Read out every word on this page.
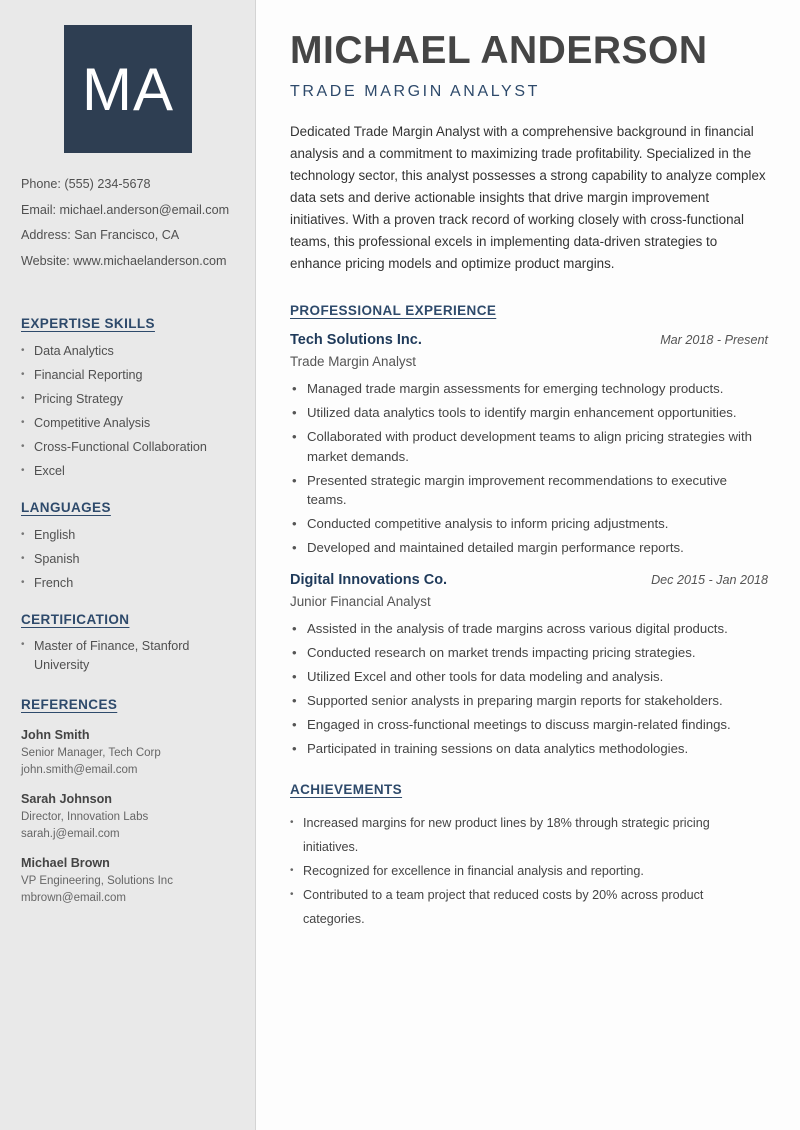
MA
Phone: (555) 234-5678
Email: michael.anderson@email.com
Address: San Francisco, CA
Website: www.michaelanderson.com
EXPERTISE SKILLS
• Data Analytics
• Financial Reporting
• Pricing Strategy
• Competitive Analysis
• Cross-Functional Collaboration
• Excel
LANGUAGES
• English
• Spanish
• French
CERTIFICATION
• Master of Finance, Stanford University
REFERENCES
John Smith
Senior Manager, Tech Corp
john.smith@email.com
Sarah Johnson
Director, Innovation Labs
sarah.j@email.com
Michael Brown
VP Engineering, Solutions Inc
mbrown@email.com
MICHAEL ANDERSON
TRADE MARGIN ANALYST

Dedicated Trade Margin Analyst with a comprehensive background in financial analysis and a commitment to maximizing trade profitability. Specialized in the technology sector, this analyst possesses a strong capability to analyze complex data sets and derive actionable insights that drive margin improvement initiatives. With a proven track record of working closely with cross-functional teams, this professional excels in implementing data-driven strategies to enhance pricing models and optimize product margins.

PROFESSIONAL EXPERIENCE
Tech Solutions Inc.	Mar 2018 - Present
Trade Margin Analyst
• Managed trade margin assessments for emerging technology products.
• Utilized data analytics tools to identify margin enhancement opportunities.
• Collaborated with product development teams to align pricing strategies with market demands.
• Presented strategic margin improvement recommendations to executive teams.
• Conducted competitive analysis to inform pricing adjustments.
• Developed and maintained detailed margin performance reports.
Digital Innovations Co.	Dec 2015 - Jan 2018
Junior Financial Analyst
• Assisted in the analysis of trade margins across various digital products.
• Conducted research on market trends impacting pricing strategies.
• Utilized Excel and other tools for data modeling and analysis.
• Supported senior analysts in preparing margin reports for stakeholders.
• Engaged in cross-functional meetings to discuss margin-related findings.
• Participated in training sessions on data analytics methodologies.
ACHIEVEMENTS
• Increased margins for new product lines by 18% through strategic pricing initiatives.
• Recognized for excellence in financial analysis and reporting.
• Contributed to a team project that reduced costs by 20% across product categories.
